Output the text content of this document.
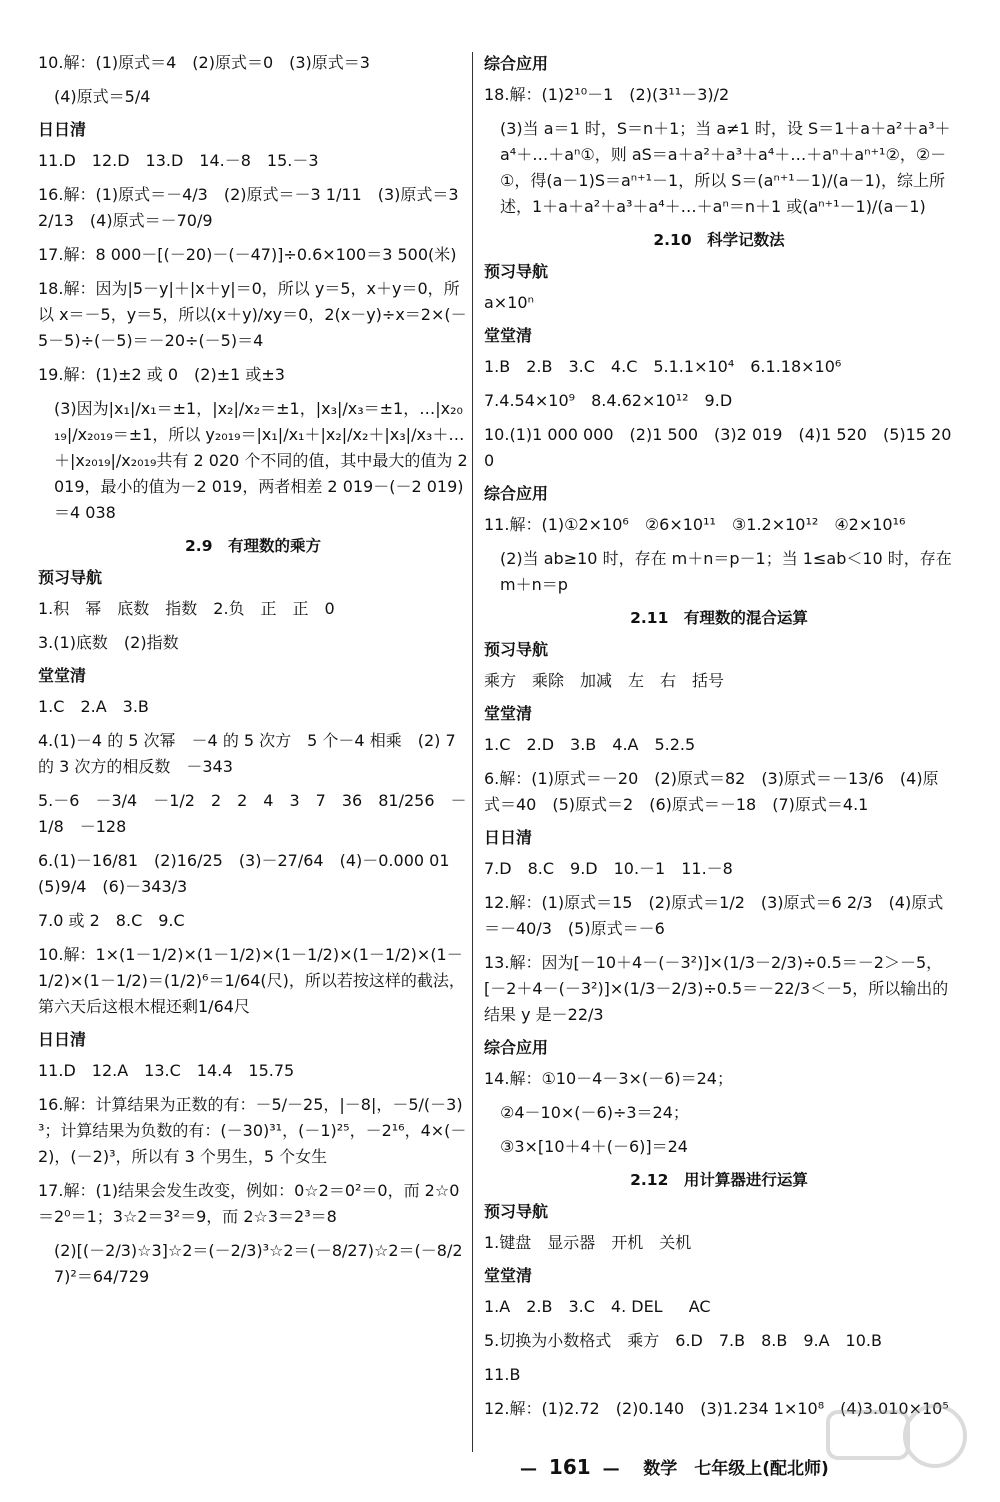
10.解：(1)原式＝4　(2)原式＝0　(3)原式＝3
(4)原式＝5/4
日日清
11.D　12.D　13.D　14.－8　15.－3
16.解：(1)原式＝－4/3　(2)原式＝－3 1/11　(3)原式＝32/13　(4)原式＝－70/9
17.解：8 000－[(－20)－(－47)]÷0.6×100＝3 500(米)
18.解：因为|5－y|＋|x＋y|＝0，所以 y＝5，x＋y＝0，所以 x＝－5，y＝5，所以(x＋y)/xy＝0，2(x－y)÷x＝2×(－5－5)÷(－5)＝－20÷(－5)＝4
19.解：(1)±2 或 0　(2)±1 或±3
(3)因为|x₁|/x₁＝±1，|x₂|/x₂＝±1，|x₃|/x₃＝±1，…|x₂₀₁₉|/x₂₀₁₉＝±1，所以 y₂₀₁₉＝|x₁|/x₁＋|x₂|/x₂＋|x₃|/x₃＋…＋|x₂₀₁₉|/x₂₀₁₉共有 2 020 个不同的值，其中最大的值为 2 019，最小的值为－2 019，两者相差 2 019－(－2 019)＝4 038
2.9　有理数的乘方
预习导航
1.积　幂　底数　指数　2.负　正　正　0
3.(1)底数　(2)指数
堂堂清
1.C　2.A　3.B
4.(1)－4 的 5 次幂　－4 的 5 次方　5 个－4 相乘　(2) 7 的 3 次方的相反数　－343
5.－6　－3/4　－1/2　2　2　4　3　7　36　81/256　－1/8　－128
6.(1)－16/81　(2)16/25　(3)－27/64　(4)－0.000 01　(5)9/4　(6)－343/3
7.0 或 2　8.C　9.C
10.解：1×(1－1/2)×(1－1/2)×(1－1/2)×(1－1/2)×(1－1/2)×(1－1/2)＝(1/2)⁶＝1/64(尺)，所以若按这样的截法，第六天后这根木棍还剩1/64尺
日日清
11.D　12.A　13.C　14.4　15.75
16.解：计算结果为正数的有：－5/－25，|－8|，－5/(－3)³；计算结果为负数的有：(－30)³¹，(－1)²⁵，－2¹⁶，4×(－2)，(－2)³，所以有 3 个男生，5 个女生
17.解：(1)结果会发生改变，例如：0☆2＝0²＝0，而 2☆0＝2⁰＝1；3☆2＝3²＝9，而 2☆3＝2³＝8
(2)[(－2/3)☆3]☆2＝(－2/3)³☆2＝(－8/27)☆2＝(－8/27)²＝64/729
综合应用
18.解：(1)2¹⁰－1　(2)(3¹¹－3)/2
(3)当 a＝1 时，S＝n＋1；当 a≠1 时，设 S＝1＋a＋a²＋a³＋a⁴＋…＋aⁿ①，则 aS＝a＋a²＋a³＋a⁴＋…＋aⁿ＋aⁿ⁺¹②，②－①，得(a－1)S＝aⁿ⁺¹－1，所以 S＝(aⁿ⁺¹－1)/(a－1)，综上所述，1＋a＋a²＋a³＋a⁴＋…＋aⁿ＝n＋1 或(aⁿ⁺¹－1)/(a－1)
2.10　科学记数法
预习导航
a×10ⁿ
堂堂清
1.B　2.B　3.C　4.C　5.1.1×10⁴　6.1.18×10⁶
7.4.54×10⁹　8.4.62×10¹²　9.D
10.(1)1 000 000　(2)1 500　(3)2 019　(4)1 520　(5)15 200
综合应用
11.解：(1)①2×10⁶　②6×10¹¹　③1.2×10¹²　④2×10¹⁶
(2)当 ab≥10 时，存在 m＋n＝p－1；当 1≤ab＜10 时，存在 m＋n＝p
2.11　有理数的混合运算
预习导航
乘方　乘除　加减　左　右　括号
堂堂清
1.C　2.D　3.B　4.A　5.2.5
6.解：(1)原式＝－20　(2)原式＝82　(3)原式＝－13/6　(4)原式＝40　(5)原式＝2　(6)原式＝－18　(7)原式＝4.1
日日清
7.D　8.C　9.D　10.－1　11.－8
12.解：(1)原式＝15　(2)原式＝1/2　(3)原式＝6 2/3　(4)原式＝－40/3　(5)原式＝－6
13.解：因为[－10＋4－(－3²)]×(1/3－2/3)÷0.5＝－2＞－5，[－2＋4－(－3²)]×(1/3－2/3)÷0.5＝－22/3＜－5，所以输出的结果 y 是－22/3
综合应用
14.解：①10－4－3×(－6)＝24；
②4－10×(－6)÷3＝24；
③3×[10＋4＋(－6)]＝24
2.12　用计算器进行运算
预习导航
1.键盘　显示器　开机　关机
堂堂清
1.A　2.B　3.C　4. DEL 　 AC
5.切换为小数格式　乘方　6.D　7.B　8.B　9.A　10.B
11.B
12.解：(1)2.72　(2)0.140　(3)1.234 1×10⁸　(4)3.010×10⁵
— 161 — 数学　七年级上(配北师)
